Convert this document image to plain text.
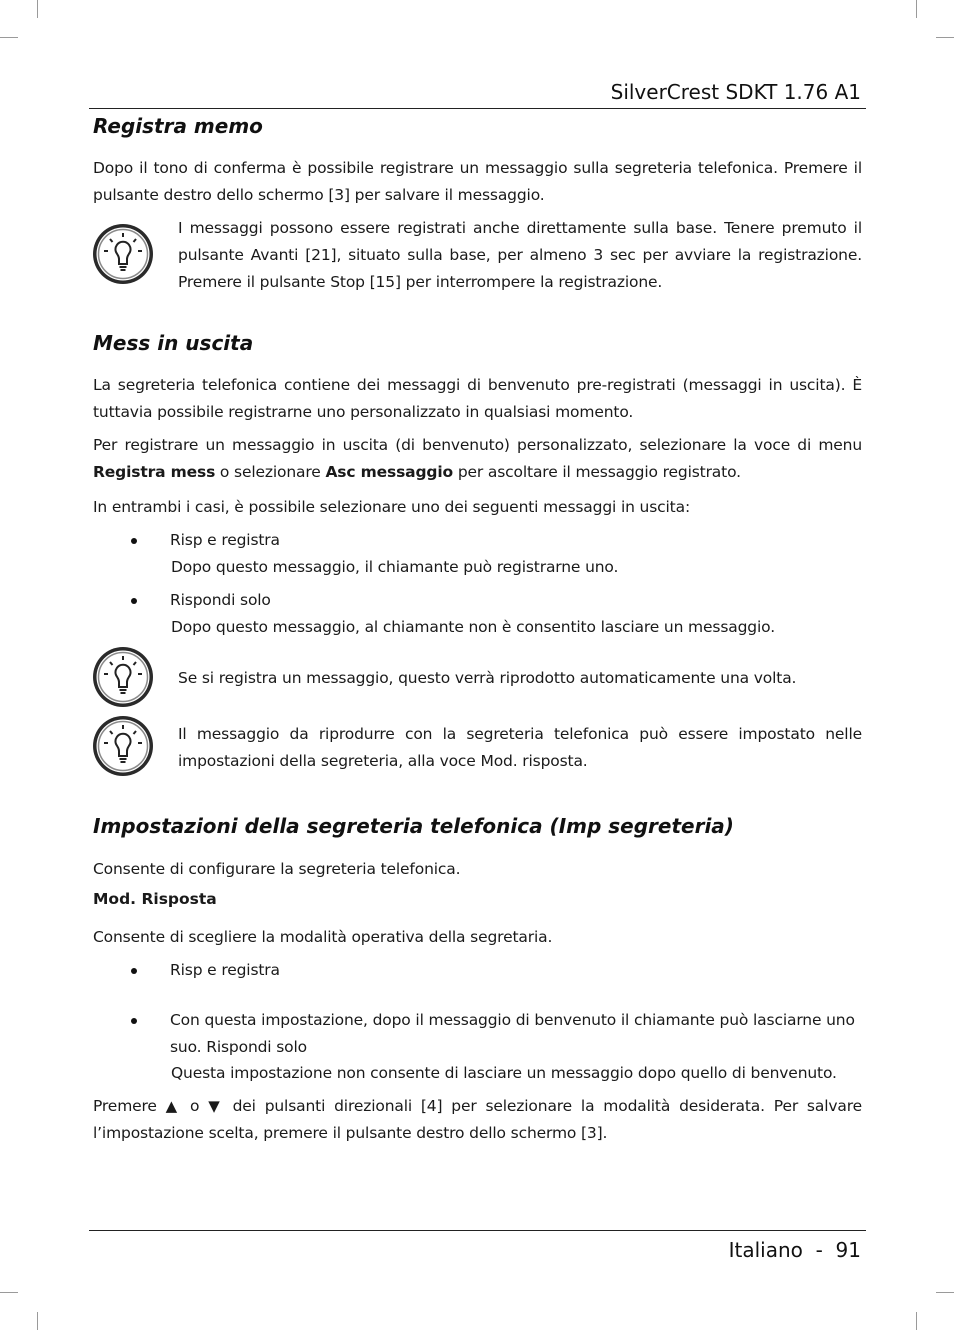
SilverCrest SDKT 1.76 A1
Registra memo

Dopo il tono di conferma è possibile registrare un messaggio sulla segreteria telefonica. Premere il pulsante destro dello schermo [3] per salvare il messaggio.

I messaggi possono essere registrati anche direttamente sulla base. Tenere premuto il pulsante Avanti [21], situato sulla base, per almeno 3 sec per avviare la registrazione. Premere il pulsante Stop [15] per interrompere la registrazione.

Mess in uscita

La segreteria telefonica contiene dei messaggi di benvenuto pre-registrati (messaggi in uscita). È tuttavia possibile registrarne uno personalizzato in qualsiasi momento.

Per registrare un messaggio in uscita (di benvenuto) personalizzato, selezionare la voce di menu Registra mess o selezionare Asc messaggio per ascoltare il messaggio registrato.

In entrambi i casi, è possibile selezionare uno dei seguenti messaggi in uscita:

Risp e registra

Dopo questo messaggio, il chiamante può registrarne uno.

Rispondi solo

Dopo questo messaggio, al chiamante non è consentito lasciare un messaggio.

Se si registra un messaggio, questo verrà riprodotto automaticamente una volta.

Il messaggio da riprodurre con la segreteria telefonica può essere impostato nelle impostazioni della segreteria, alla voce Mod. risposta.

Impostazioni della segreteria telefonica (Imp segreteria)

Consente di configurare la segreteria telefonica.

Mod. Risposta

Consente di scegliere la modalità operativa della segretaria.

Risp e registra

Con questa impostazione, dopo il messaggio di benvenuto il chiamante può lasciarne uno suo. Rispondi solo

Questa impostazione non consente di lasciare un messaggio dopo quello di benvenuto.

Premere ▲ o ▼ dei pulsanti direzionali [4] per selezionare la modalità desiderata. Per salvare l’impostazione scelta, premere il pulsante destro dello schermo [3].

Italiano  -  91
